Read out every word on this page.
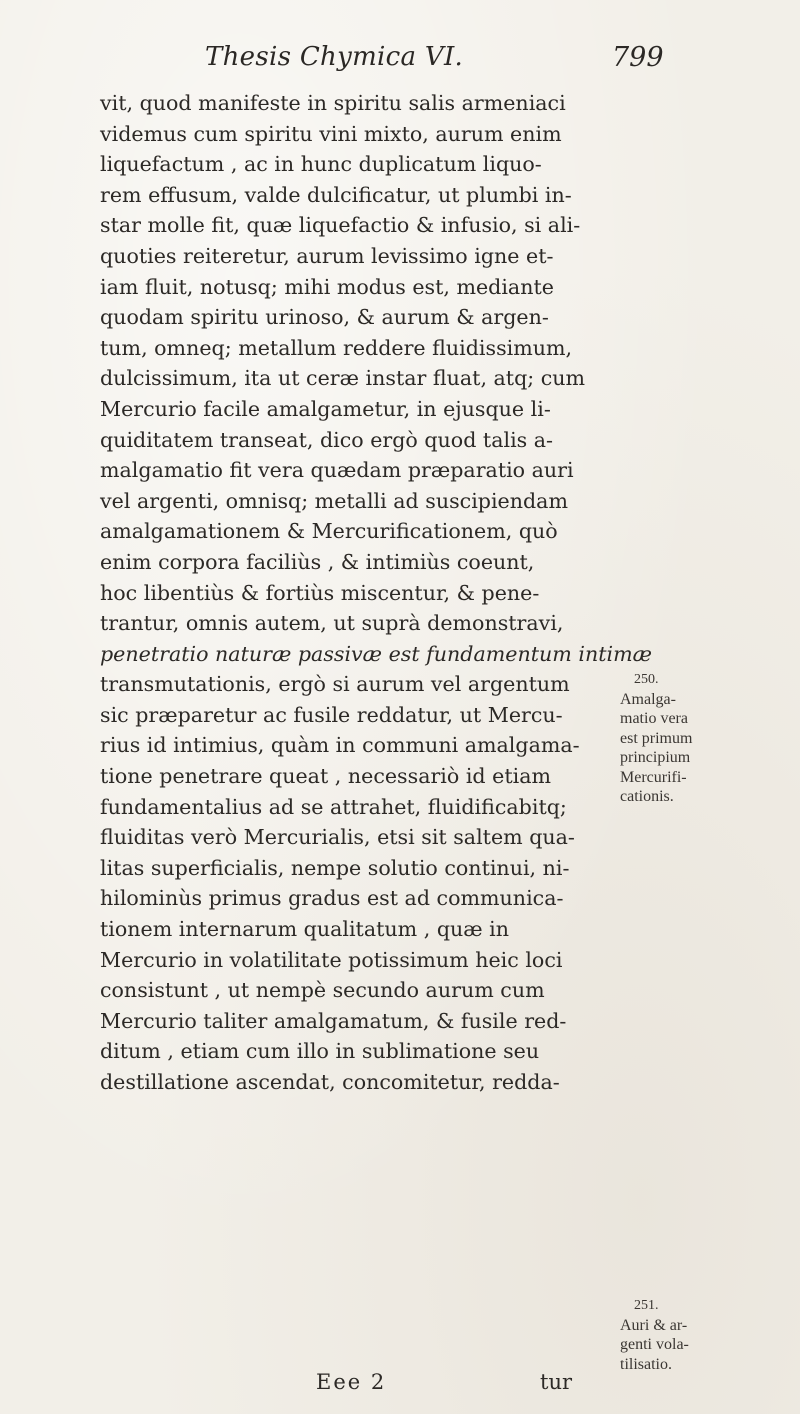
Thesis Chymica VI.	799
vit, quod manifeste in spiritu salis armeniaci
videmus cum spiritu vini mixto, aurum enim
liquefactum , ac in hunc duplicatum liquo-
rem effusum, valde dulcificatur, ut plumbi in-
star molle fit, quæ liquefactio & infusio, si ali-
quoties reiteretur, aurum levissimo igne et-
iam fluit, notusq; mihi modus est, mediante
quodam spiritu urinoso, & aurum & argen-
tum, omneq; metallum reddere fluidissimum,
dulcissimum, ita ut ceræ instar fluat, atq; cum
Mercurio facile amalgametur, in ejusque li-
quiditatem transeat, dico ergò quod talis a-
malgamatio fit vera quædam præparatio auri
vel argenti, omnisq; metalli ad suscipiendam
amalgamationem & Mercurificationem, quò
enim corpora faciliùs , & intimiùs coeunt,
hoc libentiùs & fortiùs miscentur, & pene-
trantur, omnis autem, ut suprà demonstravi,
penetratio naturæ passivæ est fundamentum intimæ
transmutationis, ergò si aurum vel argentum
sic præparetur ac fusile reddatur, ut Mercu-
rius id intimius, quàm in communi amalgama-
tione penetrare queat , necessariò id etiam
fundamentalius ad se attrahet, fluidificabitq;
fluiditas verò Mercurialis, etsi sit saltem qua-
litas superficialis, nempe solutio continui, ni-
hilominùs primus gradus est ad communica-
tionem internarum qualitatum , quæ in
Mercurio in volatilitate potissimum heic loci
consistunt , ut nempè secundo aurum cum
Mercurio taliter amalgamatum, & fusile red-
ditum , etiam cum illo in sublimatione seu
destillatione ascendat, concomitetur, redda-
250.
Amalga-
matio vera
est primum
principium
Mercurifi-
cationis.
251.
Auri & ar-
genti vola-
tilisatio.
Eee 2	tur
